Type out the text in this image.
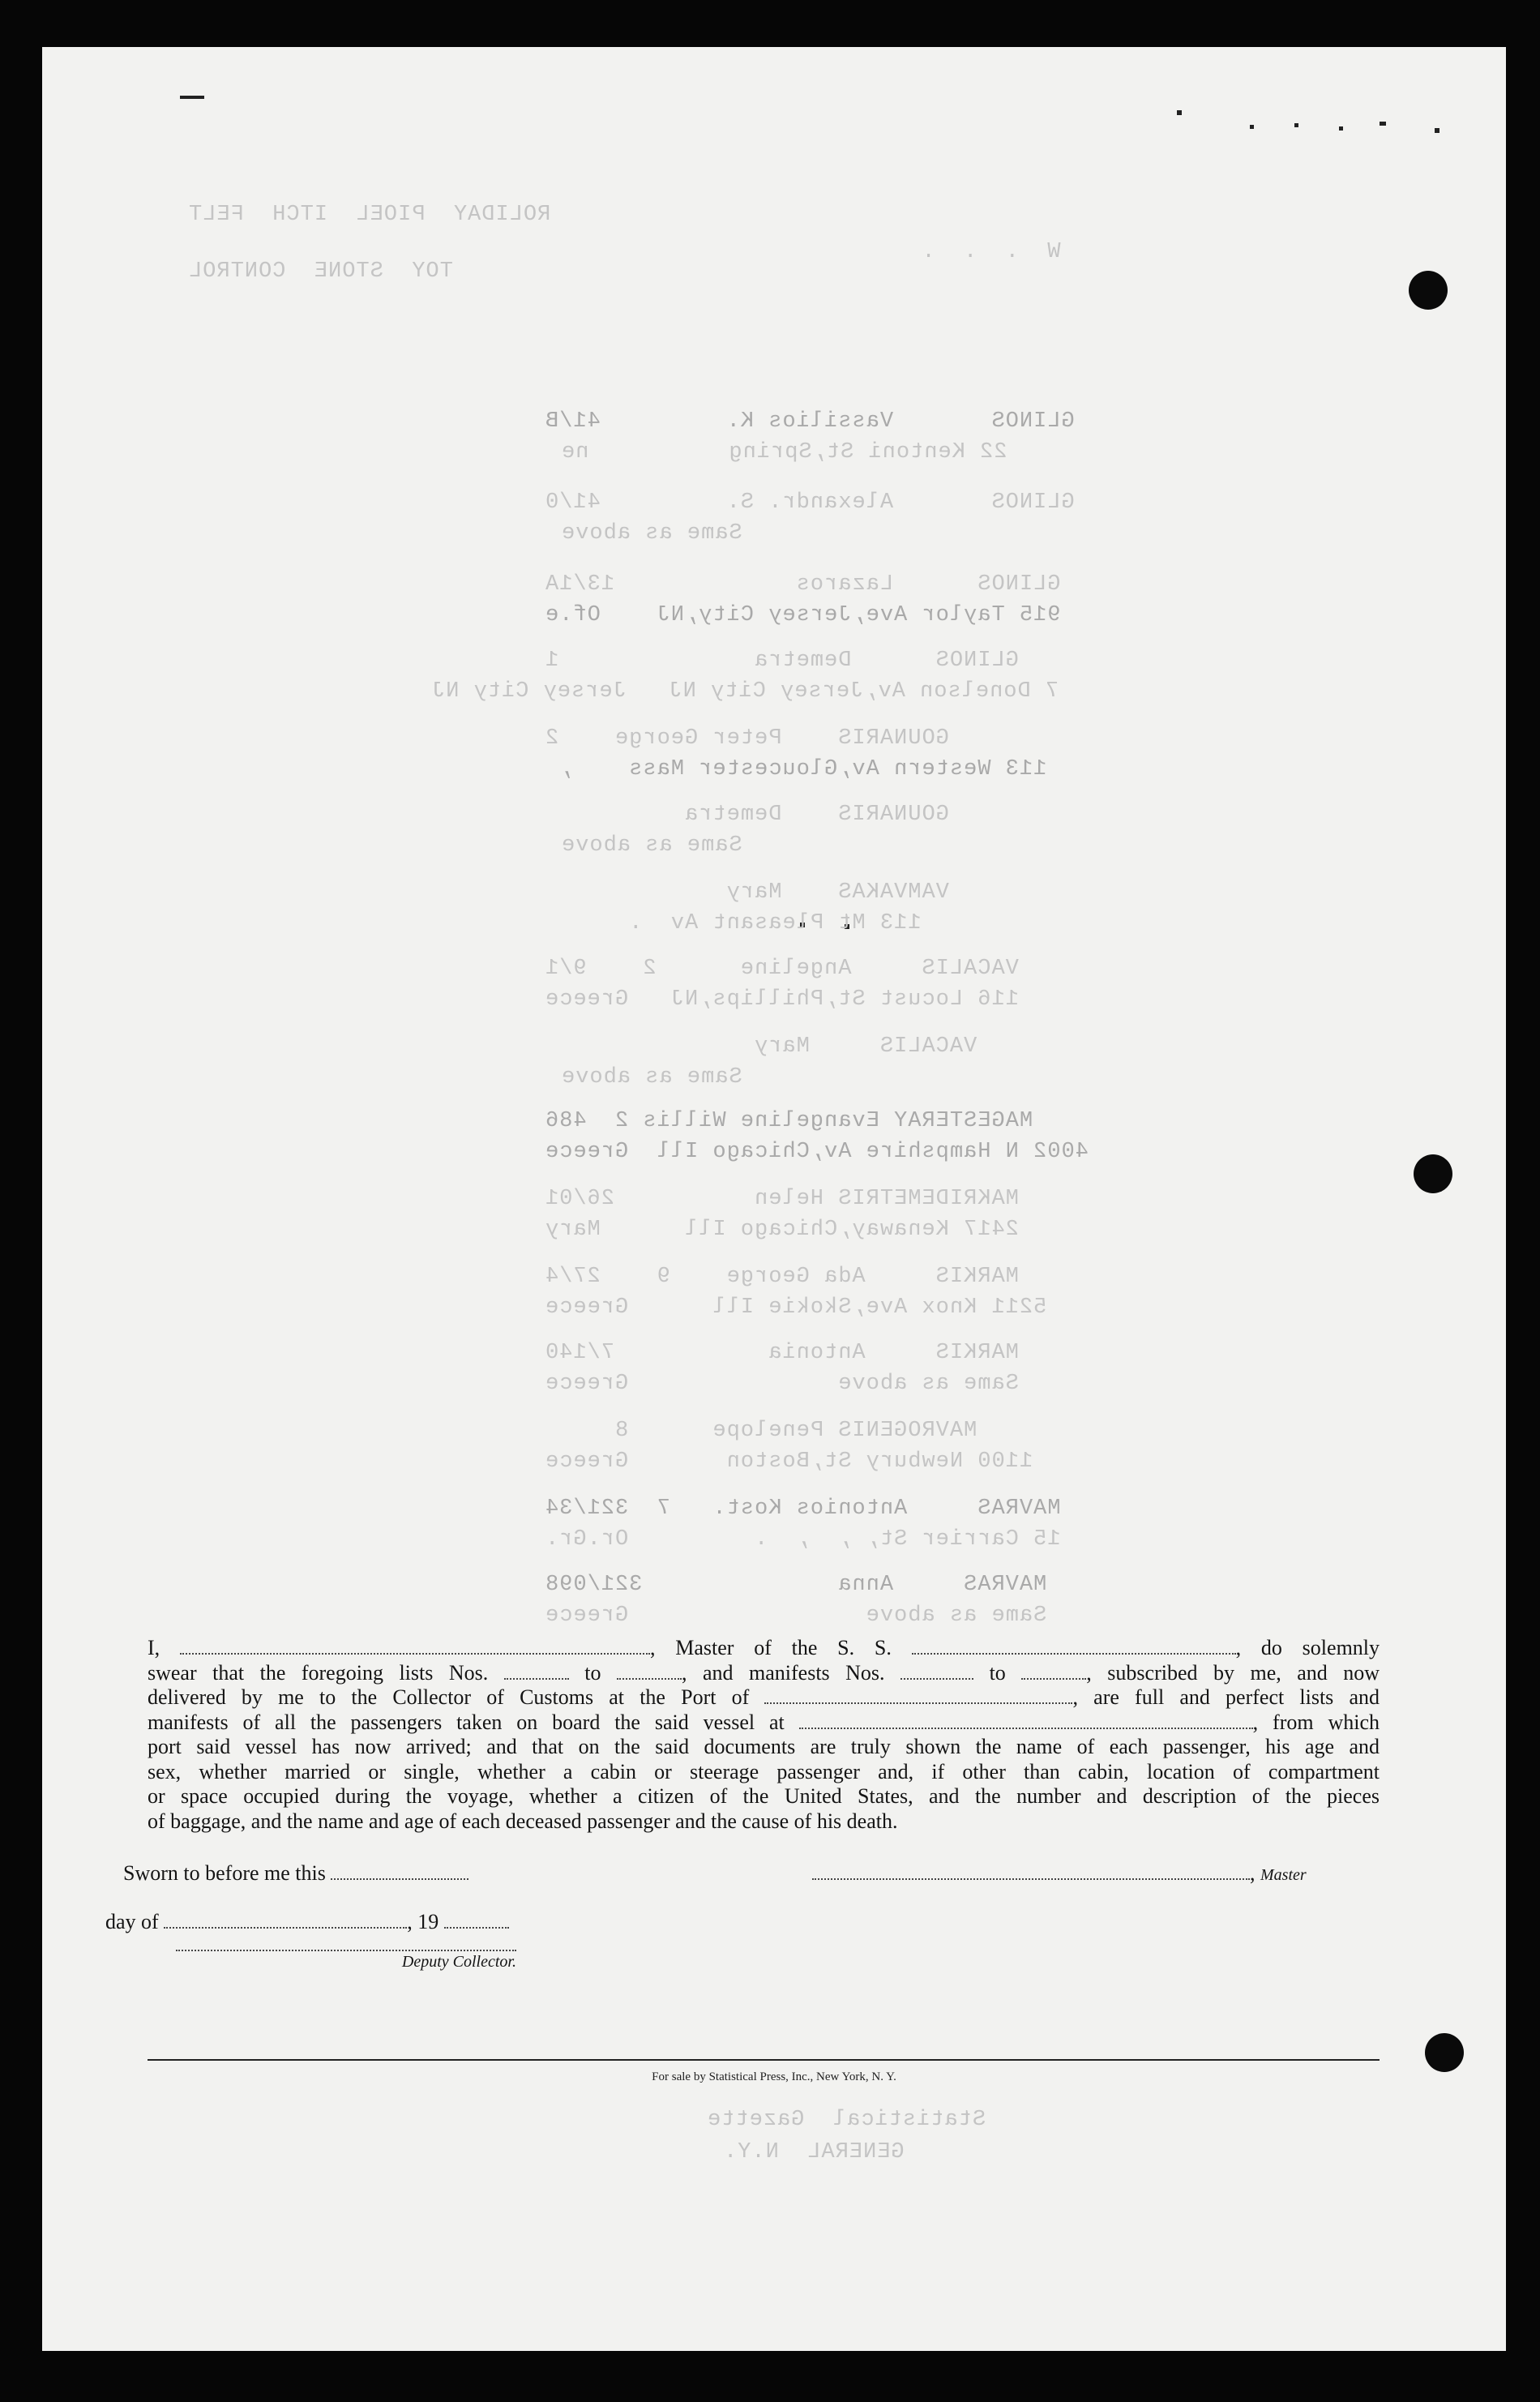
ROLIDAY  PIOEL  ITCH  FELT
TOY  STONE  CONTROL
W  .  .  .
GLINOS       Vassilios K.         41/B
22 Kentoni St,Spring          ne
GLINOS       Alexandr. S.         41/0
Same as above
GLINOS      Lazaros             13/1A
915 Taylor Ave,Jersey City,NJ    Of.e
GLINOS      Demetra              1
7 Donelson Av,Jersey City NJ   Jersey City NJ
GOUNARIS    Peter George    2
113 Western Av,Gloucester Mass    ,
GOUNARIS    Demetra
Same as above
VAMVAKAS    Mary
113 Mt Pleasant Av  .
VACALIS     Angeline      2    9/1
116 Locust St,Phillips,NJ   Greece
VACALIS     Mary
Same as above
MAGESTERAY Evangeline Willis 2  486
4002 N Hampshire Av,Chicago Ill  Greece
MAKRIDEMETRIS Helen          26/01
2417 Kenaway,Chicago Ill      Mary
MARKIS     Ada George    9    27/4
5211 Knox Ave,Skokie Ill      Greece
MARKIS     Antonia           7/140
Same as above               Greece
MAVROGENIS Penelope      8
1100 Newbury St,Boston       Greece
MAVRAS     Antonios Kost.   7  321/34
15 Carrier St, ,  ,  .         Or.Gr.
MAVRAS     Anna              321/098
Same as above                 Greece
Statistical  Gazette
GENERAL  N.Y.
I,	, Master of the S. S.	, do solemnly
swear that the foregoing lists Nos.	to	, and manifests Nos.	to	, subscribed by me, and now
delivered by me to the Collector of Customs at the Port of	, are full and perfect lists and
manifests of all the passengers taken on board the said vessel at	, from which
port said vessel has now arrived; and that on the said documents are truly shown the name of each passenger, his age and
sex, whether married or single, whether a cabin or steerage passenger and, if other than cabin, location of compartment
or space occupied during the voyage, whether a citizen of the United States, and the number and description of the pieces
of baggage, and the name and age of each deceased passenger and the cause of his death.
Sworn to before me this	, Master
day of	, 19
Deputy Collector.
For sale by Statistical Press, Inc., New York, N. Y.
